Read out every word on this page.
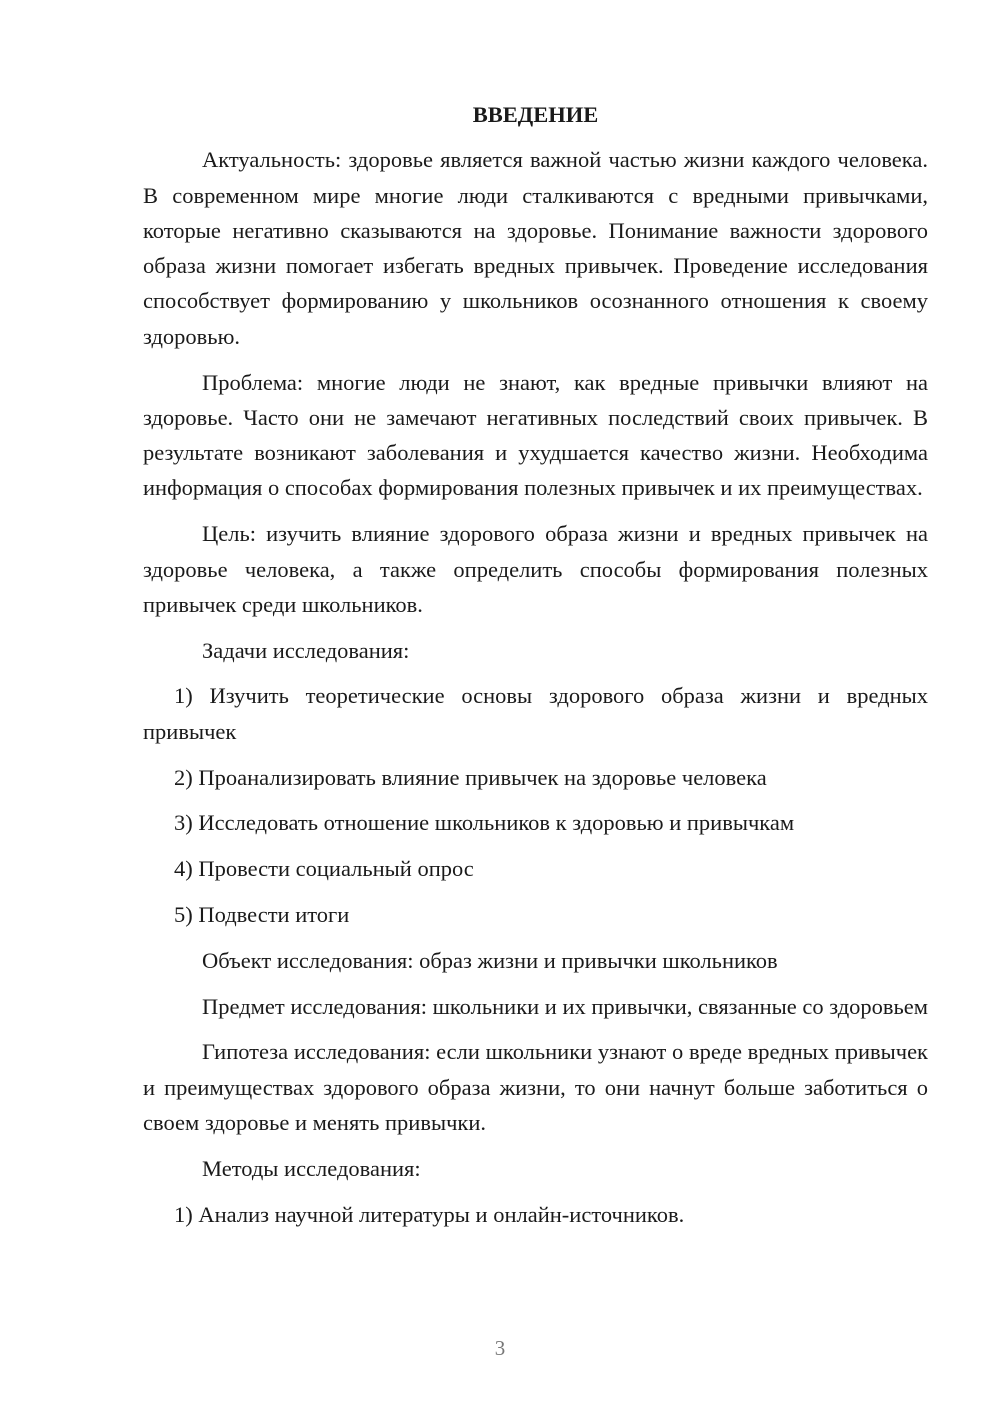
ВВЕДЕНИЕ

Актуальность: здоровье является важной частью жизни каждого человека. В современном мире многие люди сталкиваются с вредными привычками, которые негативно сказываются на здоровье. Понимание важности здорового образа жизни помогает избегать вредных привычек. Проведение исследования способствует формированию у школьников осознанного отношения к своему здоровью.

Проблема: многие люди не знают, как вредные привычки влияют на здоровье. Часто они не замечают негативных последствий своих привычек. В результате возникают заболевания и ухудшается качество жизни. Необходима информация о способах формирования полезных привычек и их преимуществах.

Цель: изучить влияние здорового образа жизни и вредных привычек на здоровье человека, а также определить способы формирования полезных привычек среди школьников.

Задачи исследования:

1) Изучить теоретические основы здорового образа жизни и вредных привычек

2) Проанализировать влияние привычек на здоровье человека

3) Исследовать отношение школьников к здоровью и привычкам

4) Провести социальный опрос

5) Подвести итоги

Объект исследования: образ жизни и привычки школьников

Предмет исследования: школьники и их привычки, связанные со здоровьем

Гипотеза исследования: если школьники узнают о вреде вредных привычек и преимуществах здорового образа жизни, то они начнут больше заботиться о своем здоровье и менять привычки.

Методы исследования:

1) Анализ научной литературы и онлайн-источников.

3
